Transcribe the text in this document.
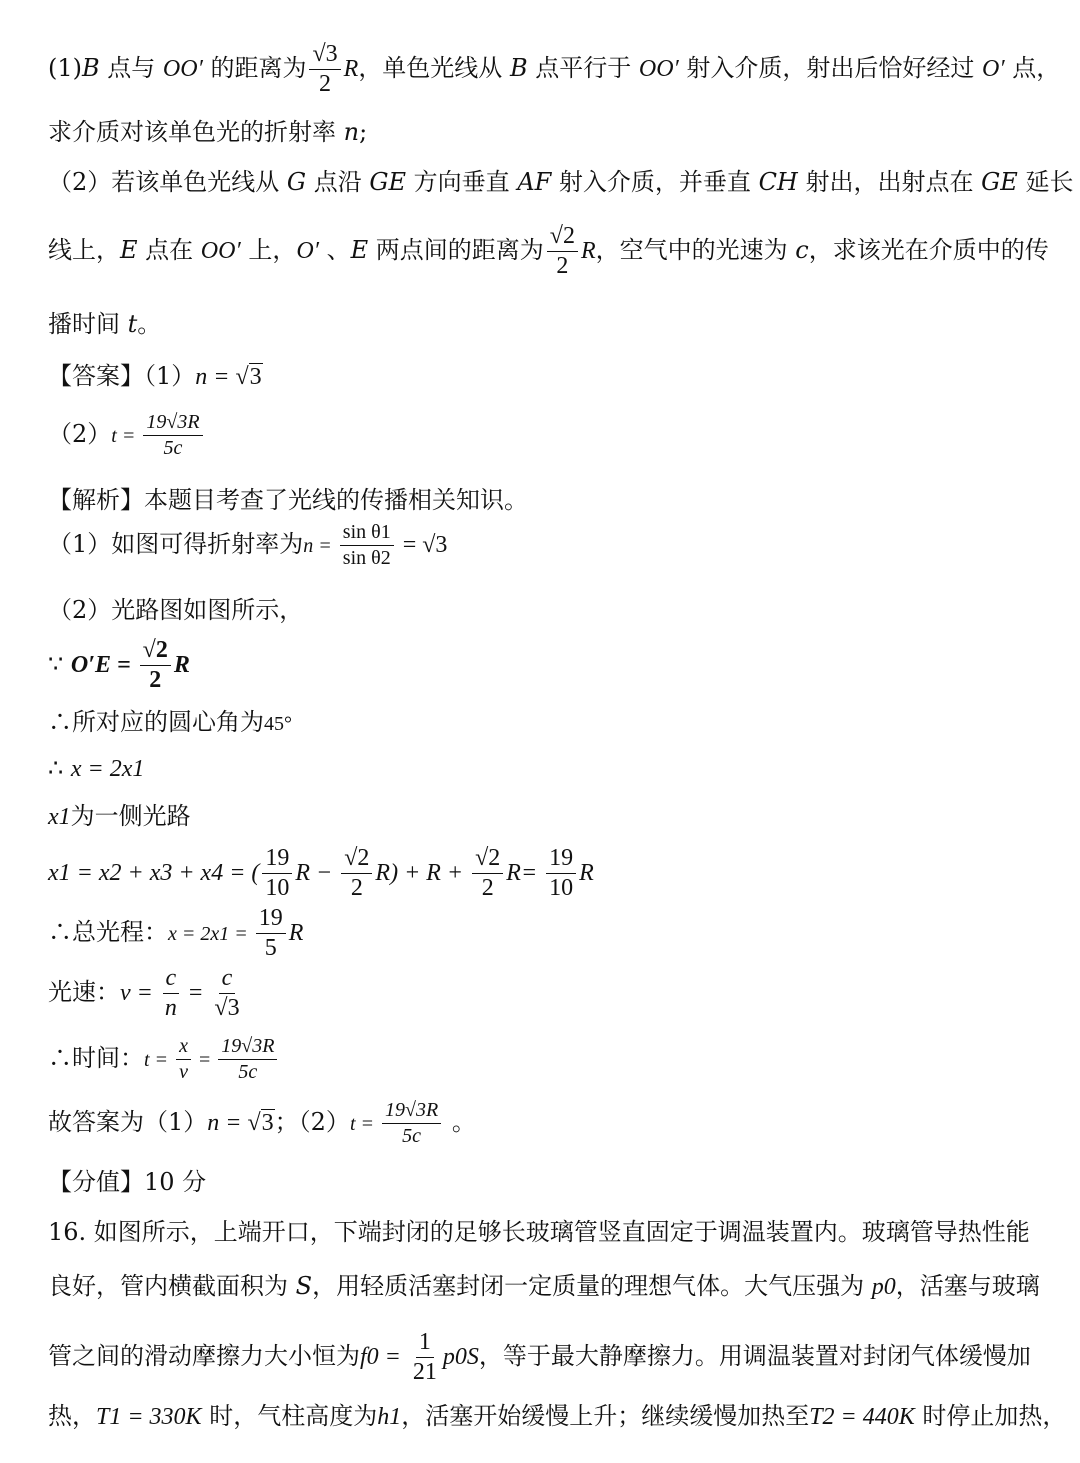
(1)B 点与 OO′ 的距离为 $\frac{√3}{2}$ R，单色光线从 B 点平行于 OO′ 射入介质，射出后恰好经过 O′ 点，
求介质对该单色光的折射率 n;
（2）若该单色光线从 G 点沿 GE 方向垂直 AF 射入介质，并垂直 CH 射出，出射点在 GE 延长
线上，E 点在 OO′ 上，O′ 、E 两点间的距离为 $\frac{√2}{2}$ R，空气中的光速为 c，求该光在介质中的传
播时间 t。
【答案】（1）n = √3
$(2)t = \frac{19√3R}{5c}$
【解析】本题目考查了光线的传播相关知识。
（1）如图可得折射率为$n = \frac{\text{sin θ1}}{\text{sin θ2}} = √3$
（2）光路图如图所示，
∵ $O'E = \frac{√2}{2}$ R
∴所对应的圆心角为45°
∴ x = 2x1
x1为一侧光路
x1 = x2 + x3 + x4 = ( $\frac{19}{10}$ $R - \frac{√2}{2} R) + R + \frac{√2}{2} R= \frac{19}{10}$ R
∴总光程：$x = 2x1 = \frac{19}{5}$ R
光速：$v = \frac{c}{n} = \frac{c}{√3}$
∴时间：$t = \frac{x}{v} = \frac{19√3R}{5c}$
故答案为（1）n = √3；$(2)t = \frac{19√3R}{5c}$ 。
【分值】10 分
16. 如图所示，上端开口，下端封闭的足够长玻璃管竖直固定于调温装置内。玻璃管导热性能
良好，管内横截面积为 S，用轻质活塞封闭一定质量的理想气体。大气压强为 p0，活塞与玻璃
管之间的滑动摩擦力大小恒为$f0 = \frac{1}{21} p0S$，等于最大静摩擦力。用调温装置对封闭气体缓慢加
热，T1 = 330K 时，气柱高度为h1，活塞开始缓慢上升；继续缓慢加热至T2 = 440K 时停止加热，
